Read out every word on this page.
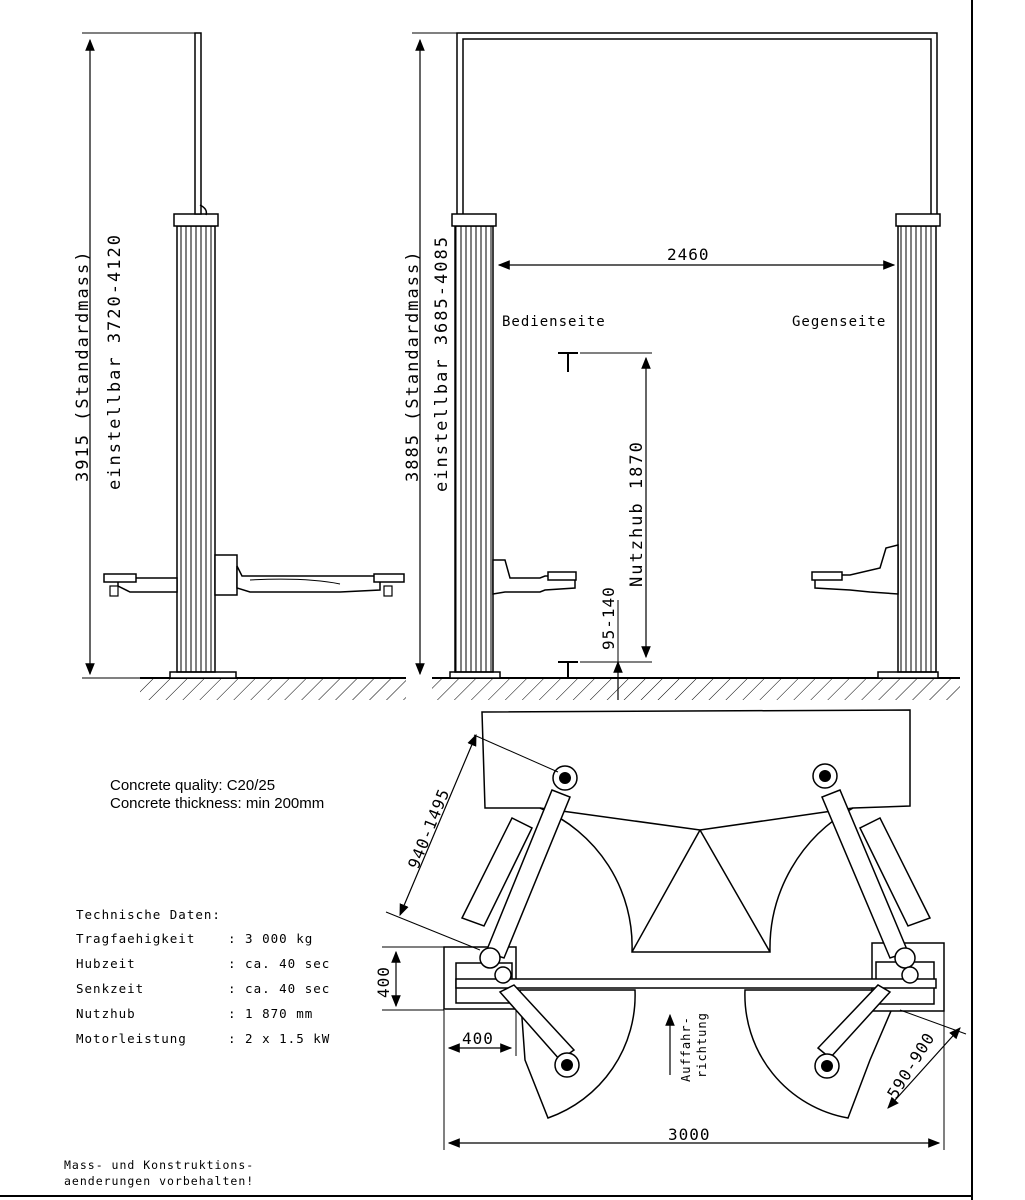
3915 (Standardmass) einstellbar 3720-4120	2460
Bedienseite	Gegenseite
3885 (Standardmass) einstellbar 3685-4085
Nutzhub 1870
95-140
940-1495
590-900
400
400
3000
Auffahr- richtung
Concrete quality: C20/25
Concrete thickness: min 200mm
Technische Daten:
Tragfaehigkeit	: 3 000 kg
Hubzeit	: ca. 40 sec
Senkzeit	: ca. 40 sec
Nutzhub	: 1 870 mm
Motorleistung	: 2 x 1.5 kW
Mass- und Konstruktions-
aenderungen vorbehalten!
